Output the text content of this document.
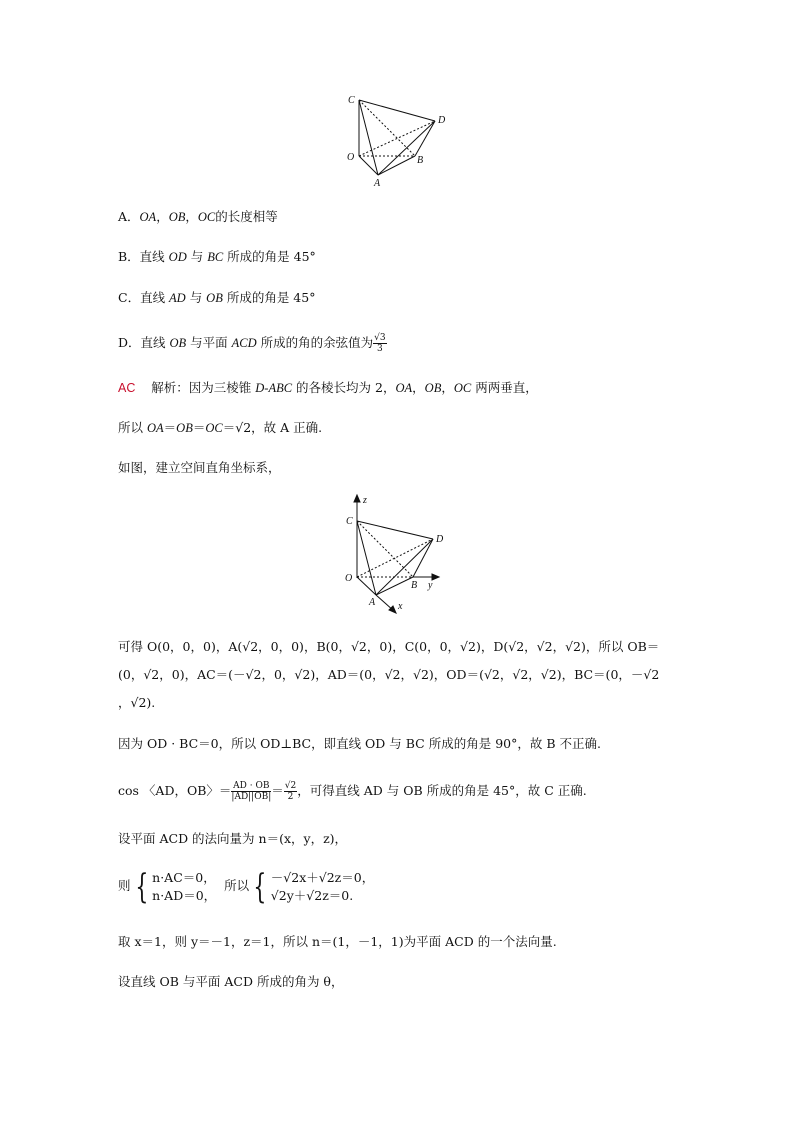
C
D
O	B
A
A．OA，OB，OC的长度相等
B．直线 OD 与 BC 所成的角是 45°
C．直线 AD 与 OB 所成的角是 45°
D．直线 OB 与平面 ACD 所成的角的余弦值为 $\frac{√3}{3}$
AC 解析：因为三棱锥 D-ABC 的各棱长均为 2，OA，OB，OC 两两垂直，
所以 OA＝OB＝OC＝√2，故 A 正确.
如图，建立空间直角坐标系，
z
C
D
O
B y
A x
可得 O(0，0，0)，A(√2，0，0)，B(0，√2，0)，C(0，0，√2)，D(√2，√2，√2)，所以 OB＝
(0，√2，0)，AC＝(－√2，0，√2)，AD＝(0，√2，√2)，OD＝(√2，√2，√2)，BC＝(0，－√2
，√2).
因为 OD · BC＝0，所以 OD⊥BC，即直线 OD 与 BC 所成的角是 90°，故 B 不正确.
cos 〈AD，OB〉＝ $\frac{AD \cdot OB}{|AD||OB|} = \frac{√2}{2}$ ，可得直线 AD 与 OB 所成的角是 45°，故 C 正确.
设平面 ACD 的法向量为 n＝(x，y，z)，
则 { n·AC＝0，
n·AD＝0，
所以 { －√2x＋√2z＝0，
√2y＋√2z＝0.
取 x＝1，则 y＝－1，z＝1，所以 n＝(1，－1，1)为平面 ACD 的一个法向量.
设直线 OB 与平面 ACD 所成的角为 θ，
